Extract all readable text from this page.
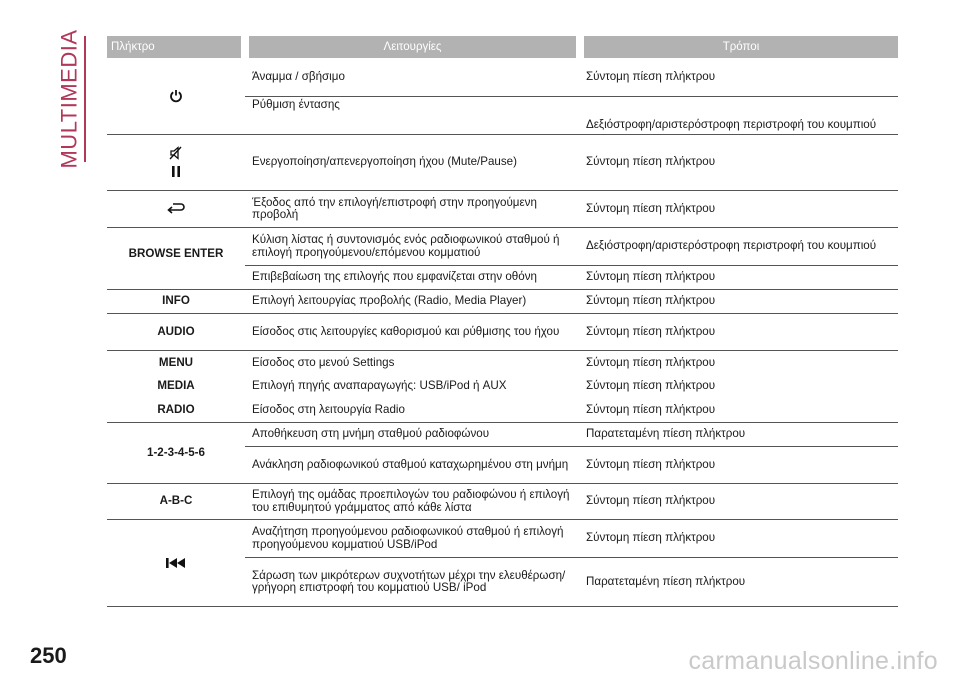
MULTIMEDIA	Πλήκτρο	Λειτουργίες	Τρόποι

	Άναμμα / σβήσιμο	Σύντομη πίεση πλήκτρου
	Ρύθμιση έντασης	Δεξιόστροφη/αριστερόστροφη περιστροφή του κουμπιού

	Ενεργοποίηση/απενεργοποίηση ήχου (Mute/Pause)	Σύντομη πίεση πλήκτρου

	Έξοδος από την επιλογή/επιστροφή στην προηγούμενη προβολή	Σύντομη πίεση πλήκτρου
BROWSE ENTER	Κύλιση λίστας ή συντονισμός ενός ραδιοφωνικού σταθμού ή επιλογή προηγούμενου/επόμενου κομματιού	Δεξιόστροφη/αριστερόστροφη περιστροφή του κουμπιού
	Επιβεβαίωση της επιλογής που εμφανίζεται στην οθόνη	Σύντομη πίεση πλήκτρου
INFO	Επιλογή λειτουργίας προβολής (Radio, Media Player)	Σύντομη πίεση πλήκτρου
AUDIO	Είσοδος στις λειτουργίες καθορισμού και ρύθμισης του ήχου	Σύντομη πίεση πλήκτρου
MENU	Είσοδος στο μενού Settings	Σύντομη πίεση πλήκτρου
MEDIA	Επιλογή πηγής αναπαραγωγής: USB/iPod ή AUX	Σύντομη πίεση πλήκτρου
RADIO	Είσοδος στη λειτουργία Radio	Σύντομη πίεση πλήκτρου
1-2-3-4-5-6	Αποθήκευση στη μνήμη σταθμού ραδιοφώνου	Παρατεταμένη πίεση πλήκτρου
	Ανάκληση ραδιοφωνικού σταθμού καταχωρημένου στη μνήμη	Σύντομη πίεση πλήκτρου
A-B-C	Επιλογή της ομάδας προεπιλογών του ραδιοφώνου ή επιλογή του επιθυμητού γράμματος από κάθε λίστα	Σύντομη πίεση πλήκτρου

	Αναζήτηση προηγούμενου ραδιοφωνικού σταθμού ή επιλογή προηγούμενου κομματιού USB/iPod	Σύντομη πίεση πλήκτρου
	Σάρωση των μικρότερων συχνοτήτων μέχρι την ελευθέρωση/γρήγορη επιστροφή του κομματιού USB/ iPod	Παρατεταμένη πίεση πλήκτρου
250	carmanualsonline.info
